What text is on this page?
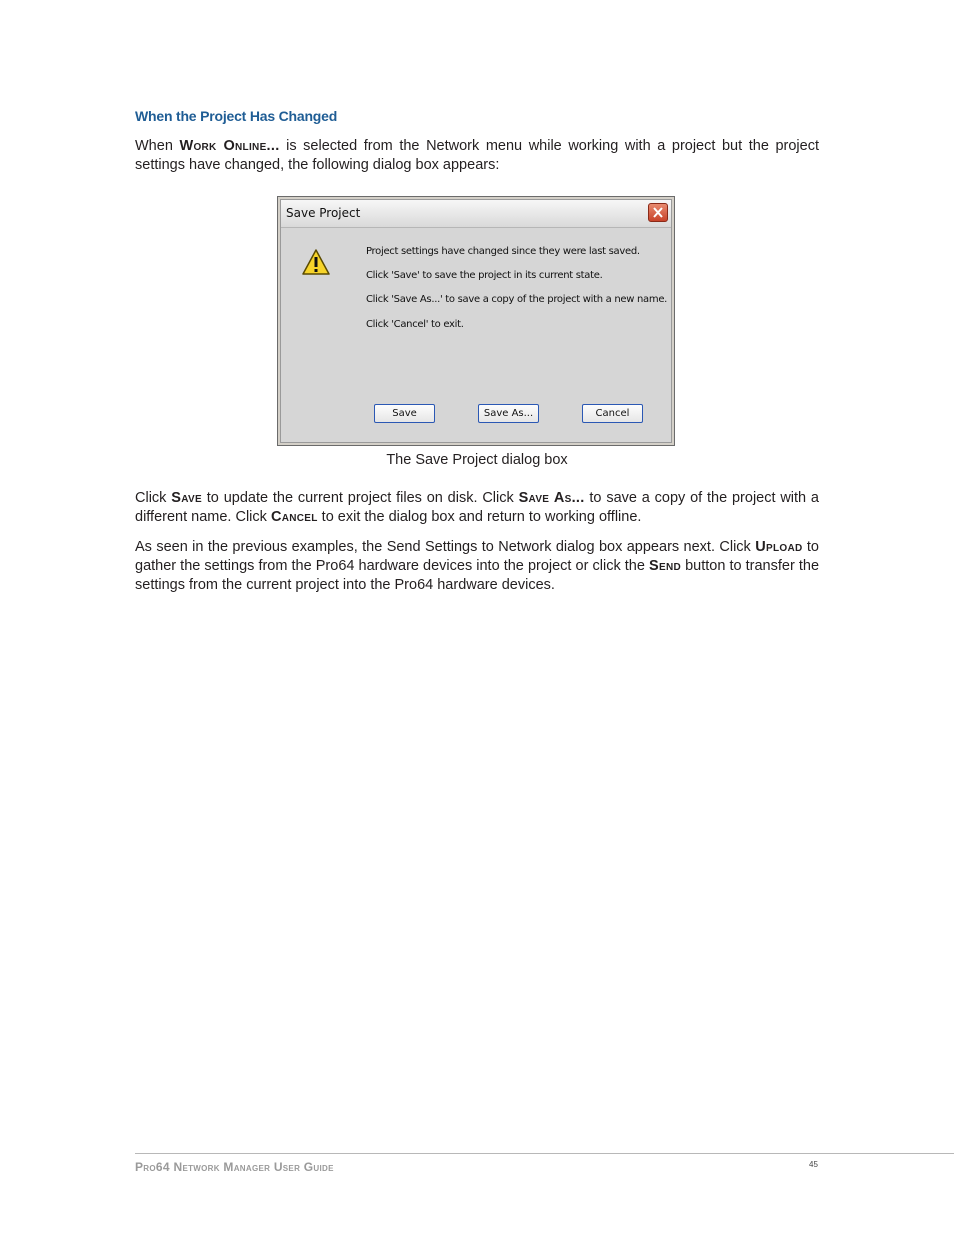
When the Project Has Changed

When Work Online... is selected from the Network menu while working with a project but the project settings have changed, the following dialog box appears:

Save Project
Project settings have changed since they were last saved.
Click 'Save' to save the project in its current state.
Click 'Save As...' to save a copy of the project with a new name.
Click 'Cancel' to exit.
Save	Save As...	Cancel
The Save Project dialog box

Click Save to update the current project files on disk. Click Save As... to save a copy of the project with a different name. Click Cancel to exit the dialog box and return to working offline.

As seen in the previous examples, the Send Settings to Network dialog box appears next. Click Upload to gather the settings from the Pro64 hardware devices into the project or click the Send button to transfer the settings from the current project into the Pro64 hardware devices.

Pro64 Network Manager User Guide	45
